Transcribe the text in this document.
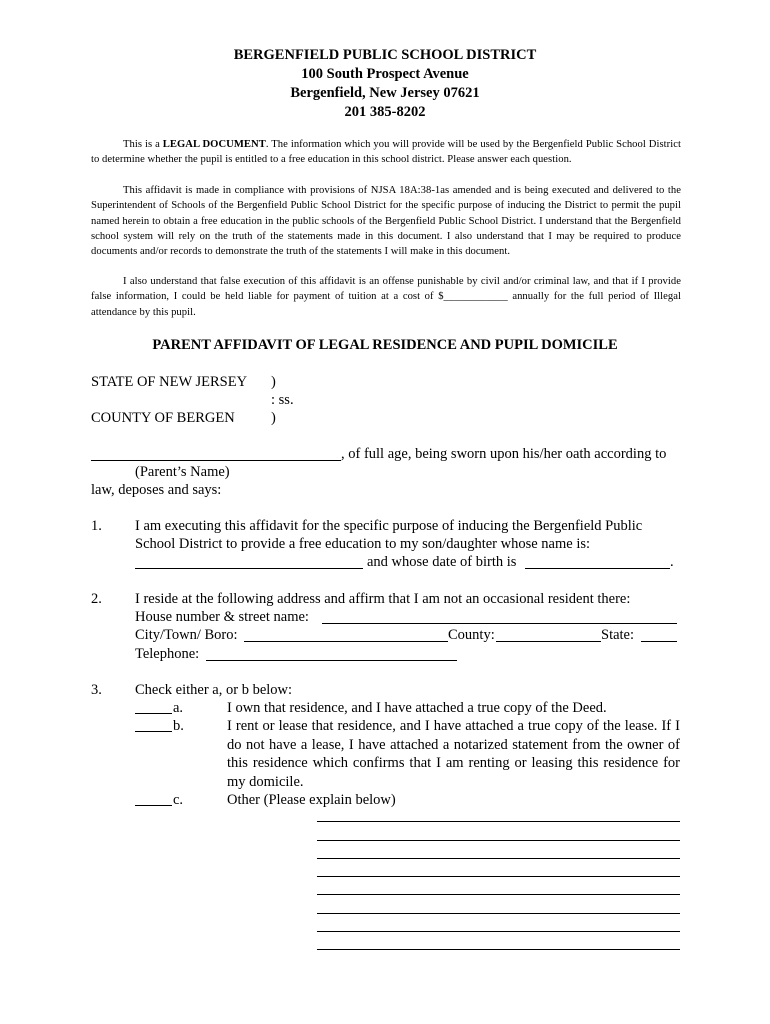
BERGENFIELD PUBLIC SCHOOL DISTRICT
100 South Prospect Avenue
Bergenfield, New Jersey 07621
201 385-8202

This is a LEGAL DOCUMENT. The information which you will provide will be used by the Bergenfield Public School District to determine whether the pupil is entitled to a free education in this school district. Please answer each question.

This affidavit is made in compliance with provisions of NJSA 18A:38-1as amended and is being executed and delivered to the Superintendent of Schools of the Bergenfield Public School District for the specific purpose of inducing the District to permit the pupil named herein to obtain a free education in the public schools of the Bergenfield Public School District. I understand that the Bergenfield school system will rely on the truth of the statements made in this document. I also understand that I may be required to produce documents and/or records to demonstrate the truth of the statements I will make in this document.

I also understand that false execution of this affidavit is an offense punishable by civil and/or criminal law, and that if I provide false information, I could be held liable for payment of tuition at a cost of $____________ annually for the full period of Illegal attendance by this pupil.

PARENT AFFIDAVIT OF LEGAL RESIDENCE AND PUPIL DOMICILE
STATE OF NEW JERSEY )
: ss.
COUNTY OF BERGEN	)
, of full age, being sworn upon his/her oath according to
(Parent’s Name)
law, deposes and says:
1. I am executing this affidavit for the specific purpose of inducing the Bergenfield Public
School District to provide a free education to my son/daughter whose name is:
and whose date of birth is	.
2. I reside at the following address and affirm that I am not an occasional resident there:
House number & street name:
City/Town/ Boro:	County:	State:
Telephone:
3. Check either a, or b below:
a.	I own that residence, and I have attached a true copy of the Deed.
b.	I rent or lease that residence, and I have attached a true copy of the lease. If I do not have a lease, I have attached a notarized statement from the owner of this residence which confirms that I am renting or leasing this residence for my domicile.
c.	Other (Please explain below)
